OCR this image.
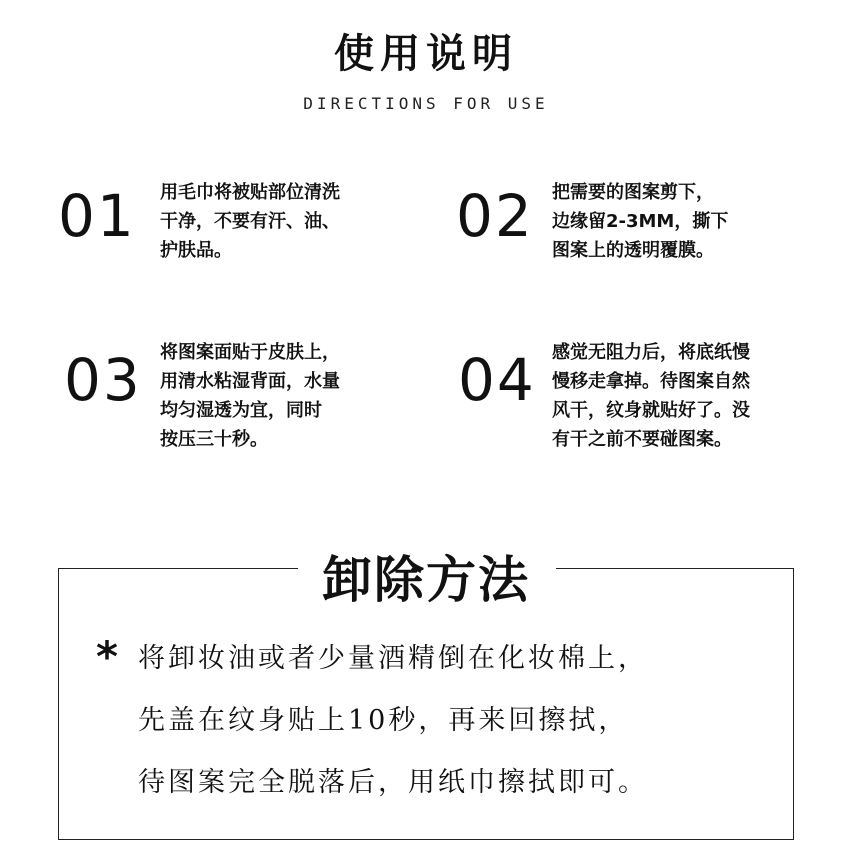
使用说明
DIRECTIONS FOR USE
01 用毛巾将被贴部位清洗
干净，不要有汗、油、
护肤品。
02 把需要的图案剪下，
边缘留2-3MM，撕下
图案上的透明覆膜。
03 将图案面贴于皮肤上，
用清水粘湿背面，水量
均匀湿透为宜，同时
按压三十秒。
04 感觉无阻力后，将底纸慢
慢移走拿掉。待图案自然
风干，纹身就贴好了。没
有干之前不要碰图案。
卸除方法
* 将卸妆油或者少量酒精倒在化妆棉上，
先盖在纹身贴上10秒，再来回擦拭，
待图案完全脱落后，用纸巾擦拭即可。
